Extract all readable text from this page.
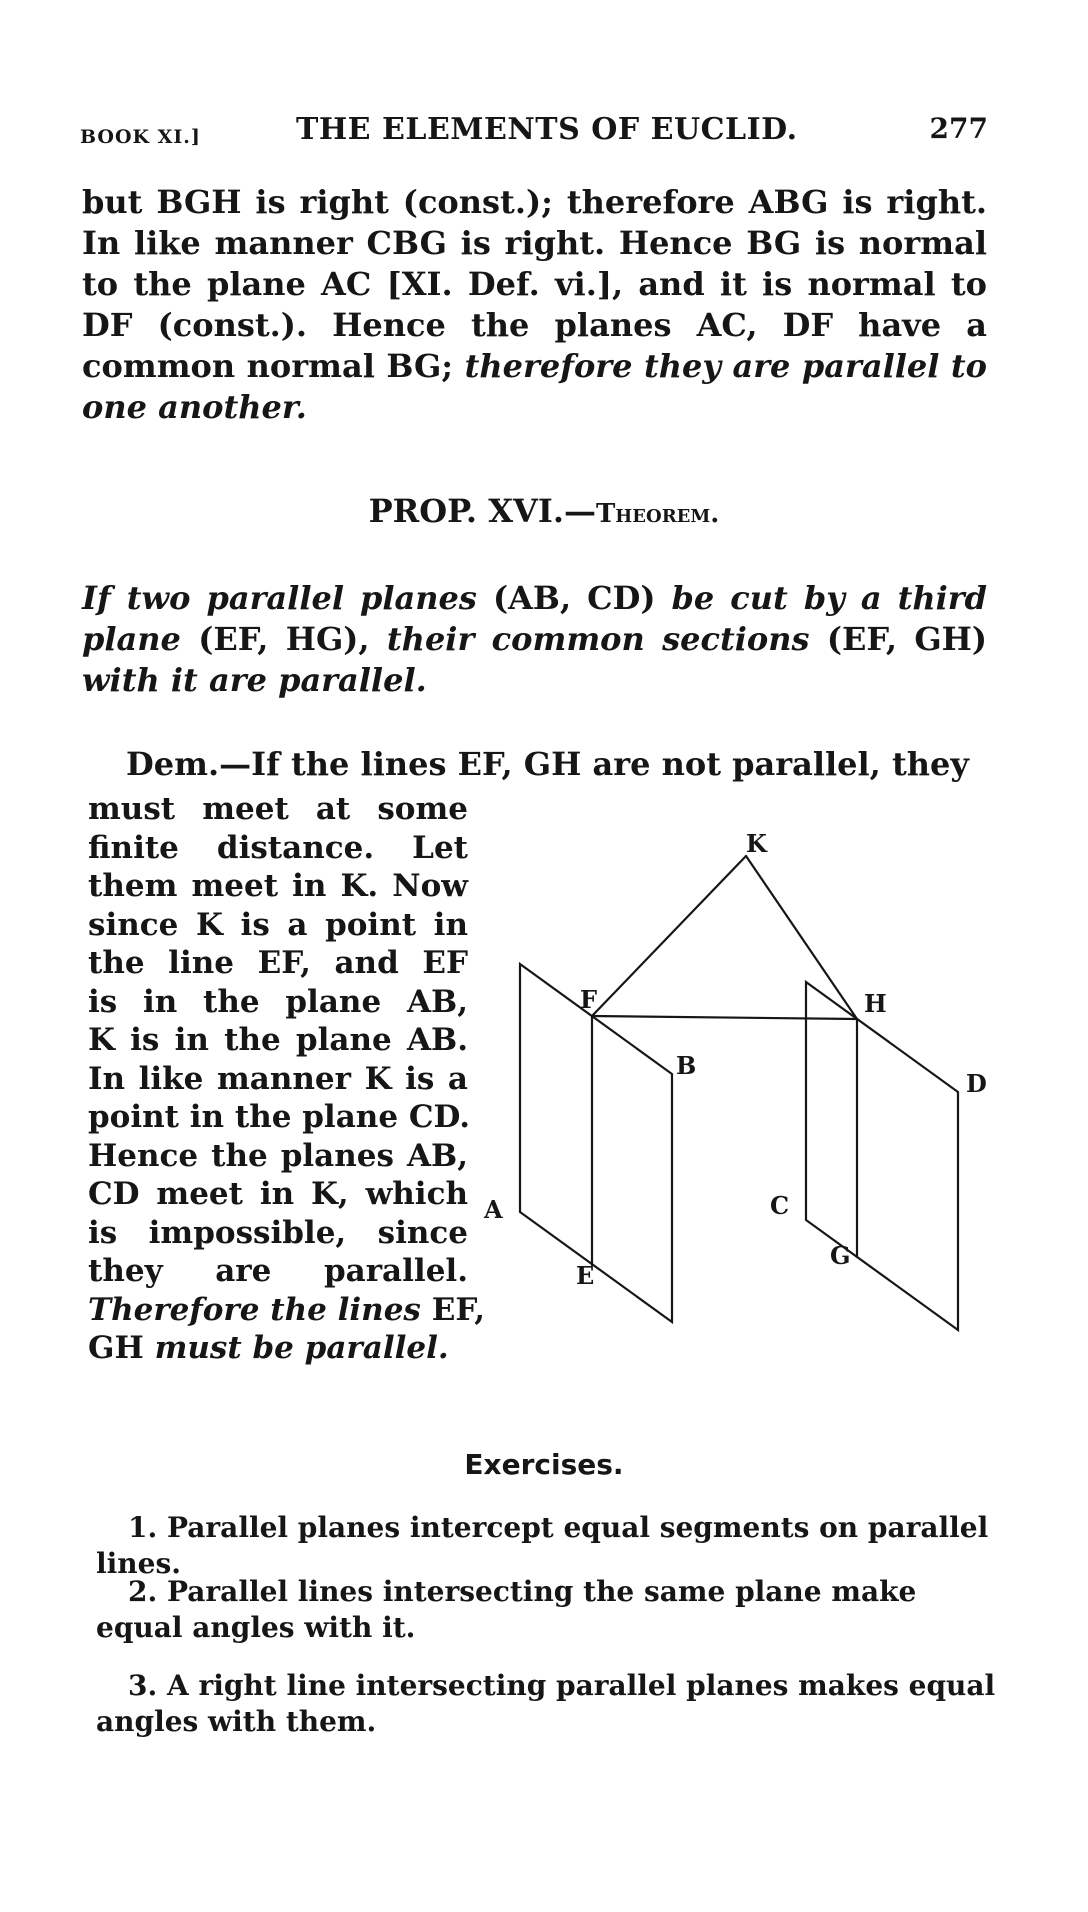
BOOK XI.]	THE ELEMENTS OF EUCLID.	277
but BGH is right (const.); therefore ABG is right. In like manner CBG is right. Hence BG is normal to the plane AC [XI. Def. vi.], and it is normal to DF (const.). Hence the planes AC, DF have a common normal BG; therefore they are parallel to one another.
PROP. XVI.—Theorem.
If two parallel planes (AB, CD) be cut by a third plane (EF, HG), their common sections (EF, GH) with it are parallel.
Dem.—If the lines EF, GH are not parallel, they
must meet at some
finite distance. Let
them meet in K. Now
since K is a point in
the line EF, and EF
is in the plane AB,
K is in the plane AB.
In like manner K is a
point in the plane CD.
Hence the planes AB,
CD meet in K, which
is impossible, since
they are parallel.
Therefore the lines EF,
GH must be parallel.
K
F	H
B
D
A	C
G
E
Exercises.
1. Parallel planes intercept equal segments on parallel lines.
2. Parallel lines intersecting the same plane make equal angles with it.
3. A right line intersecting parallel planes makes equal angles with them.
